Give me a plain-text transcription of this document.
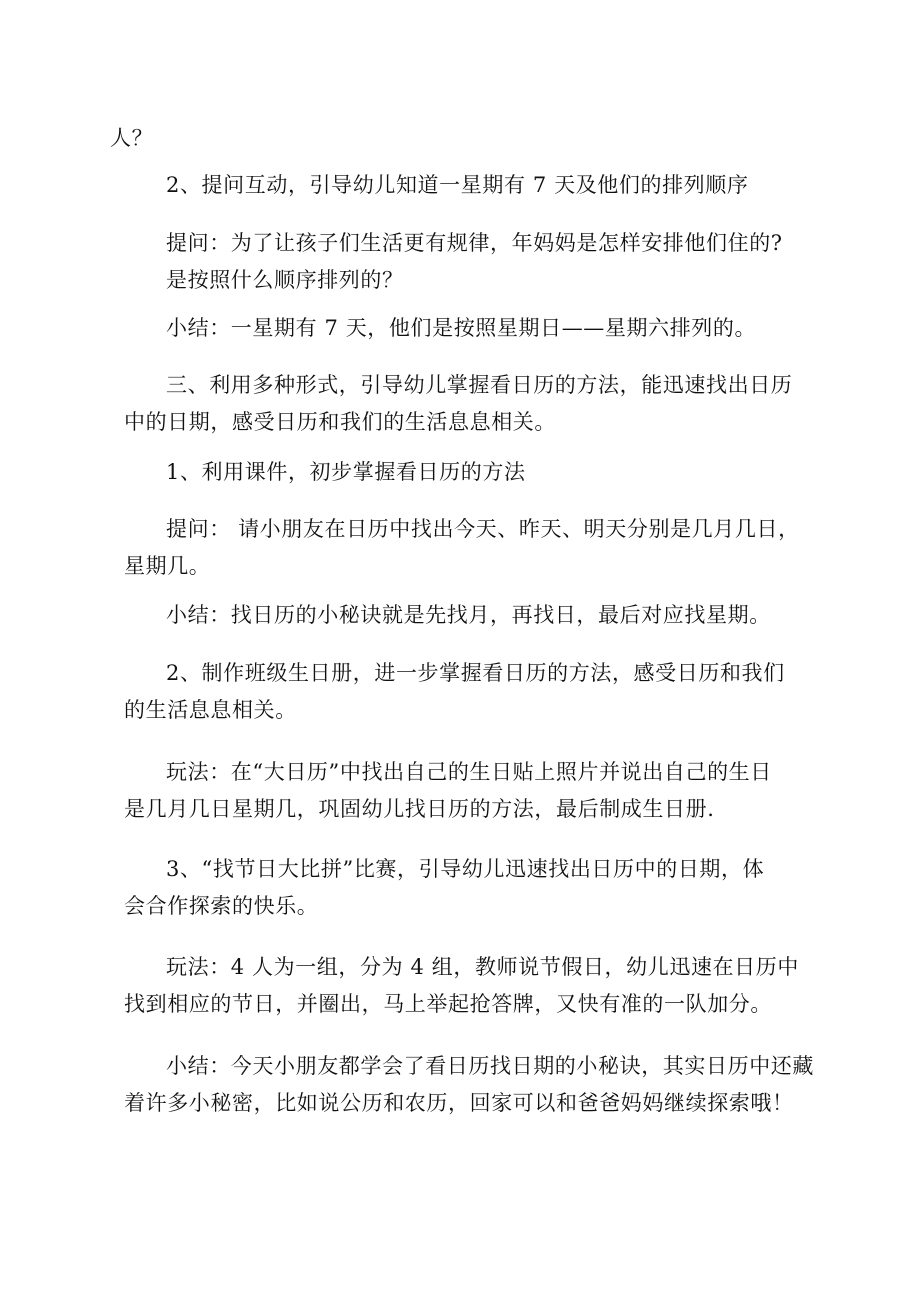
人？
2、提问互动，引导幼儿知道一星期有 7 天及他们的排列顺序
提问：为了让孩子们生活更有规律，年妈妈是怎样安排他们住的?
是按照什么顺序排列的？
小结：一星期有 7 天，他们是按照星期日——星期六排列的。
三、利用多种形式，引导幼儿掌握看日历的方法，能迅速找出日历
中的日期，感受日历和我们的生活息息相关。
1、利用课件，初步掌握看日历的方法
提问： 请小朋友在日历中找出今天、昨天、明天分别是几月几日，
星期几。
小结：找日历的小秘诀就是先找月，再找日，最后对应找星期。
2、制作班级生日册，进一步掌握看日历的方法，感受日历和我们
的生活息息相关。
玩法：在“大日历”中找出自己的生日贴上照片并说出自己的生日
是几月几日星期几，巩固幼儿找日历的方法，最后制成生日册.
3、“找节日大比拼”比赛，引导幼儿迅速找出日历中的日期，体
会合作探索的快乐。
玩法：4 人为一组，分为 4 组，教师说节假日，幼儿迅速在日历中
找到相应的节日，并圈出，马上举起抢答牌，又快有准的一队加分。
小结：今天小朋友都学会了看日历找日期的小秘诀，其实日历中还藏
着许多小秘密，比如说公历和农历，回家可以和爸爸妈妈继续探索哦！
